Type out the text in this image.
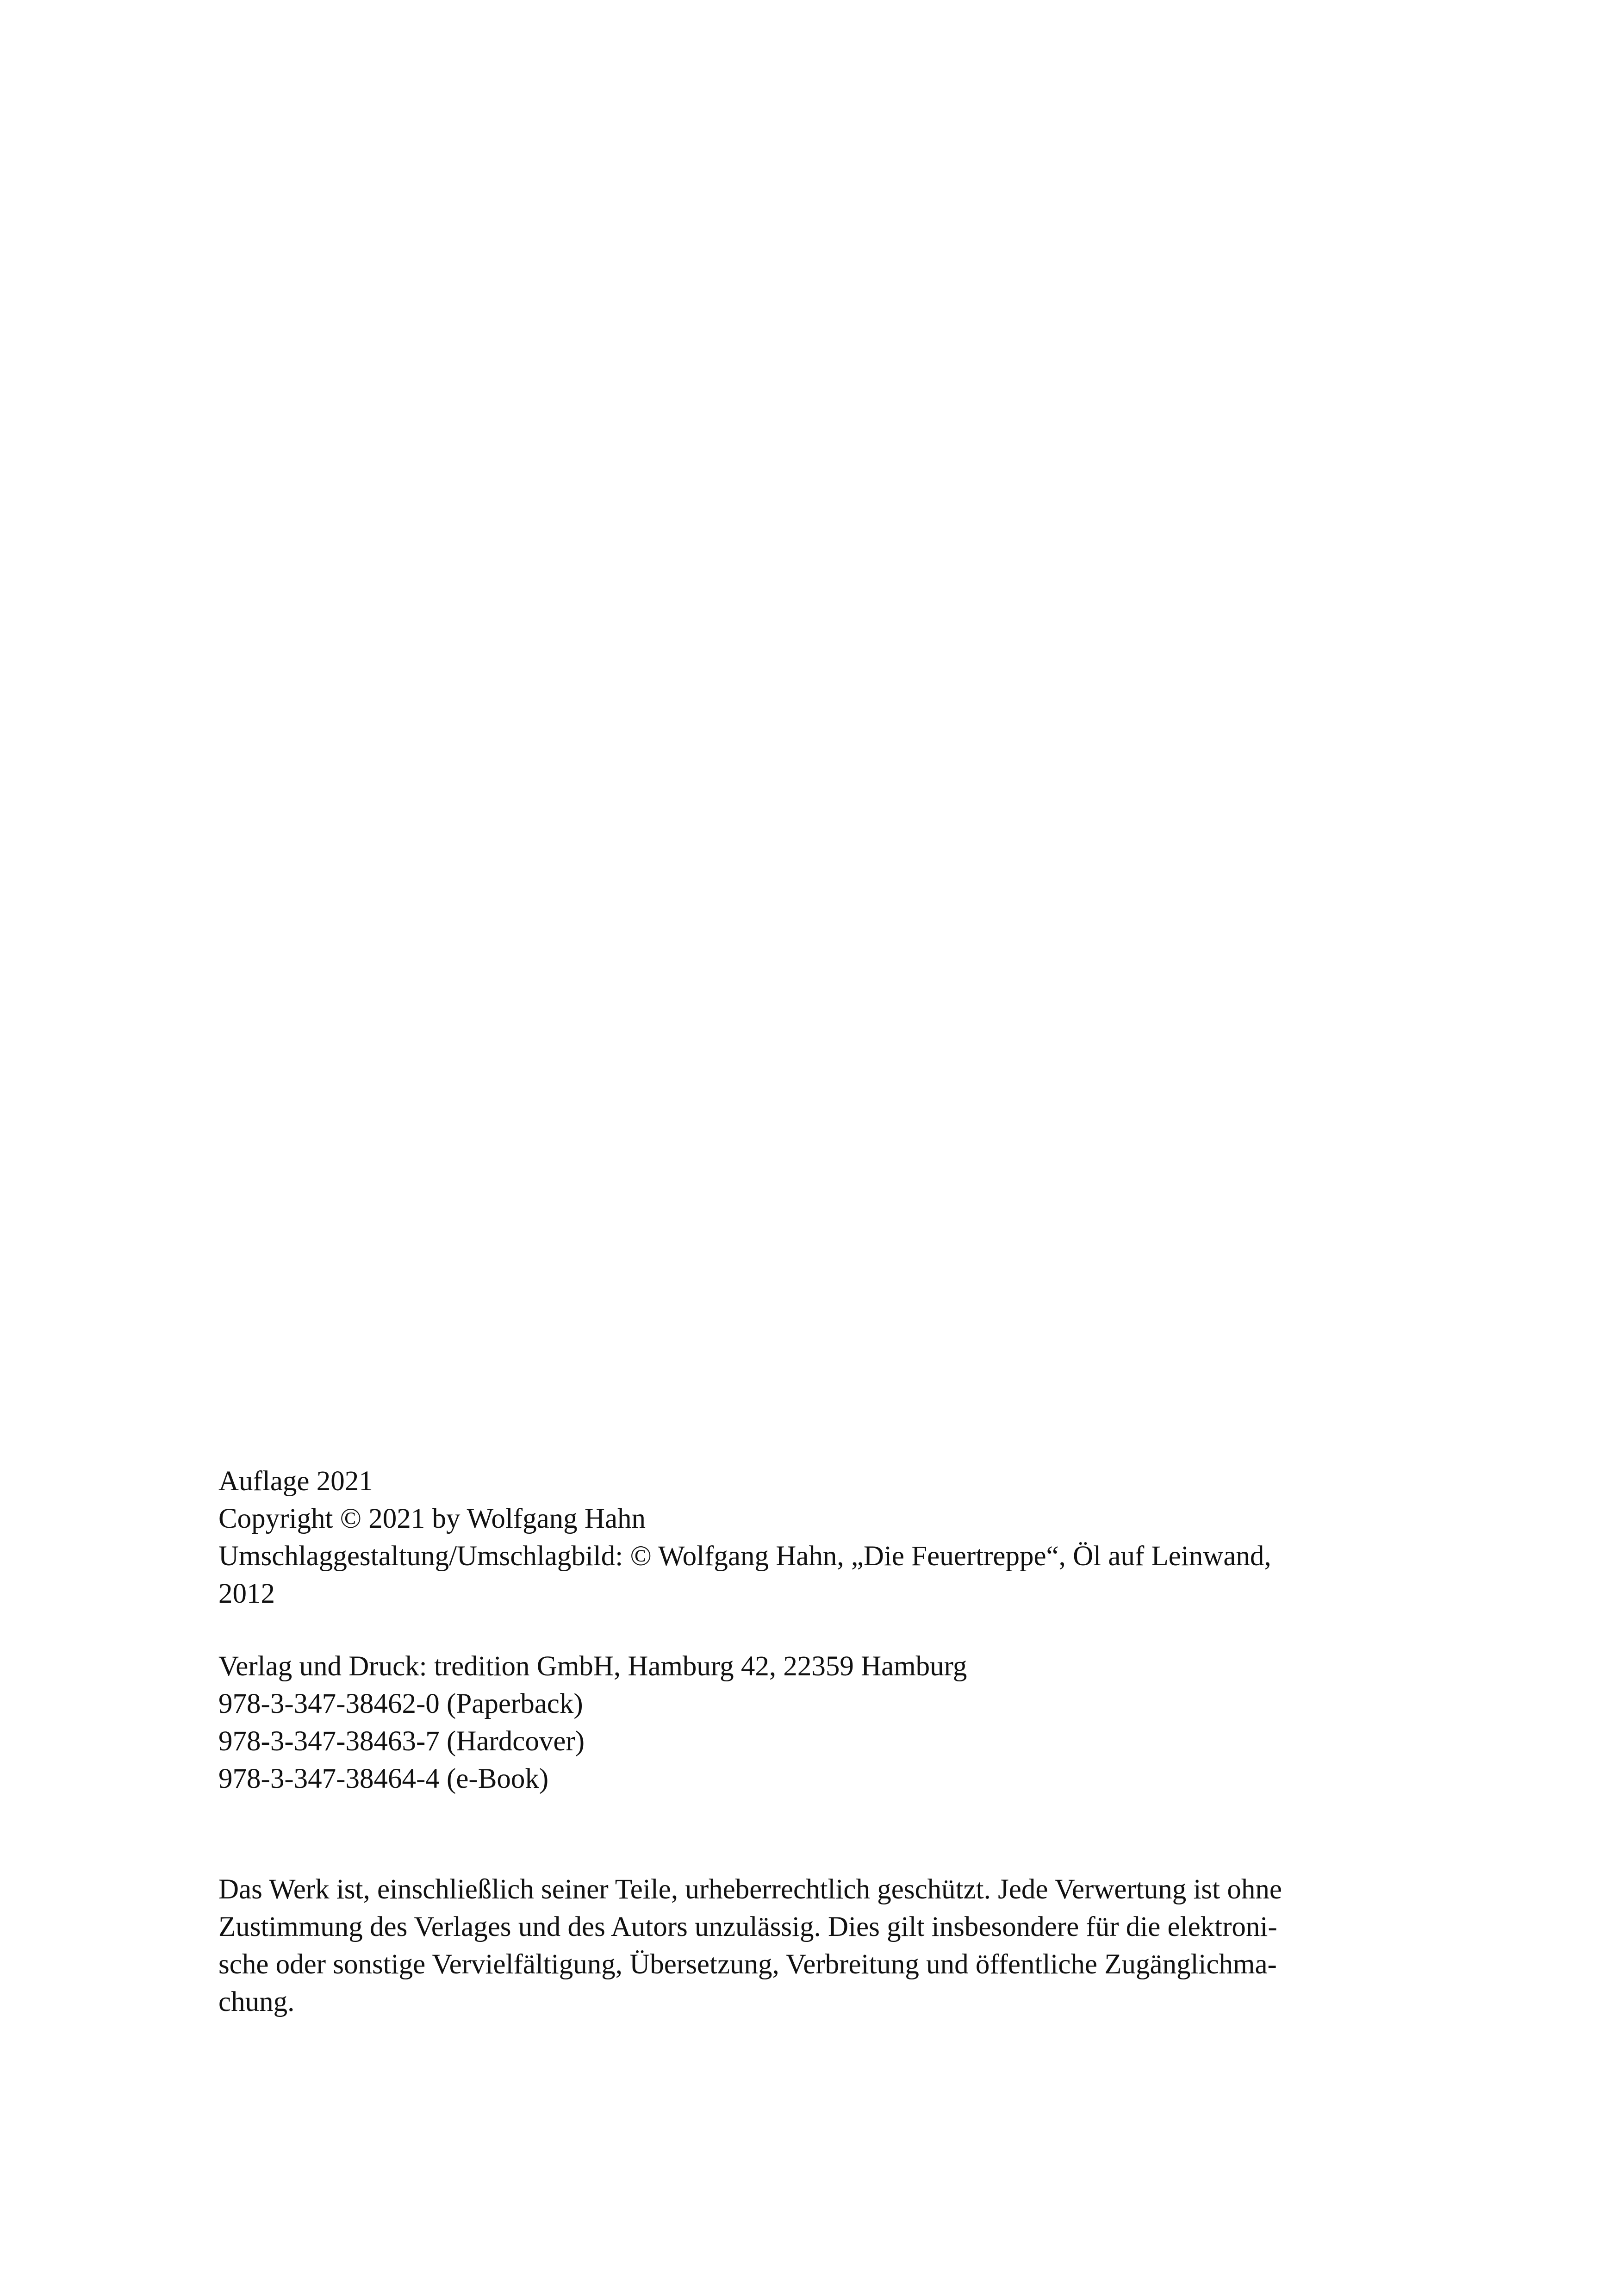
Auflage 2021
Copyright © 2021 by Wolfgang Hahn
Umschlaggestaltung/Umschlagbild: © Wolfgang Hahn, „Die Feuertreppe“, Öl auf Leinwand,
2012
Verlag und Druck: tredition GmbH, Hamburg 42, 22359 Hamburg
978-3-347-38462-0 (Paperback)
978-3-347-38463-7 (Hardcover)
978-3-347-38464-4 (e-Book)
Das Werk ist, einschließlich seiner Teile, urheberrechtlich geschützt. Jede Verwertung ist ohne
Zustimmung des Verlages und des Autors unzulässig. Dies gilt insbesondere für die elektroni-
sche oder sonstige Vervielfältigung, Übersetzung, Verbreitung und öffentliche Zugänglichma-
chung.
